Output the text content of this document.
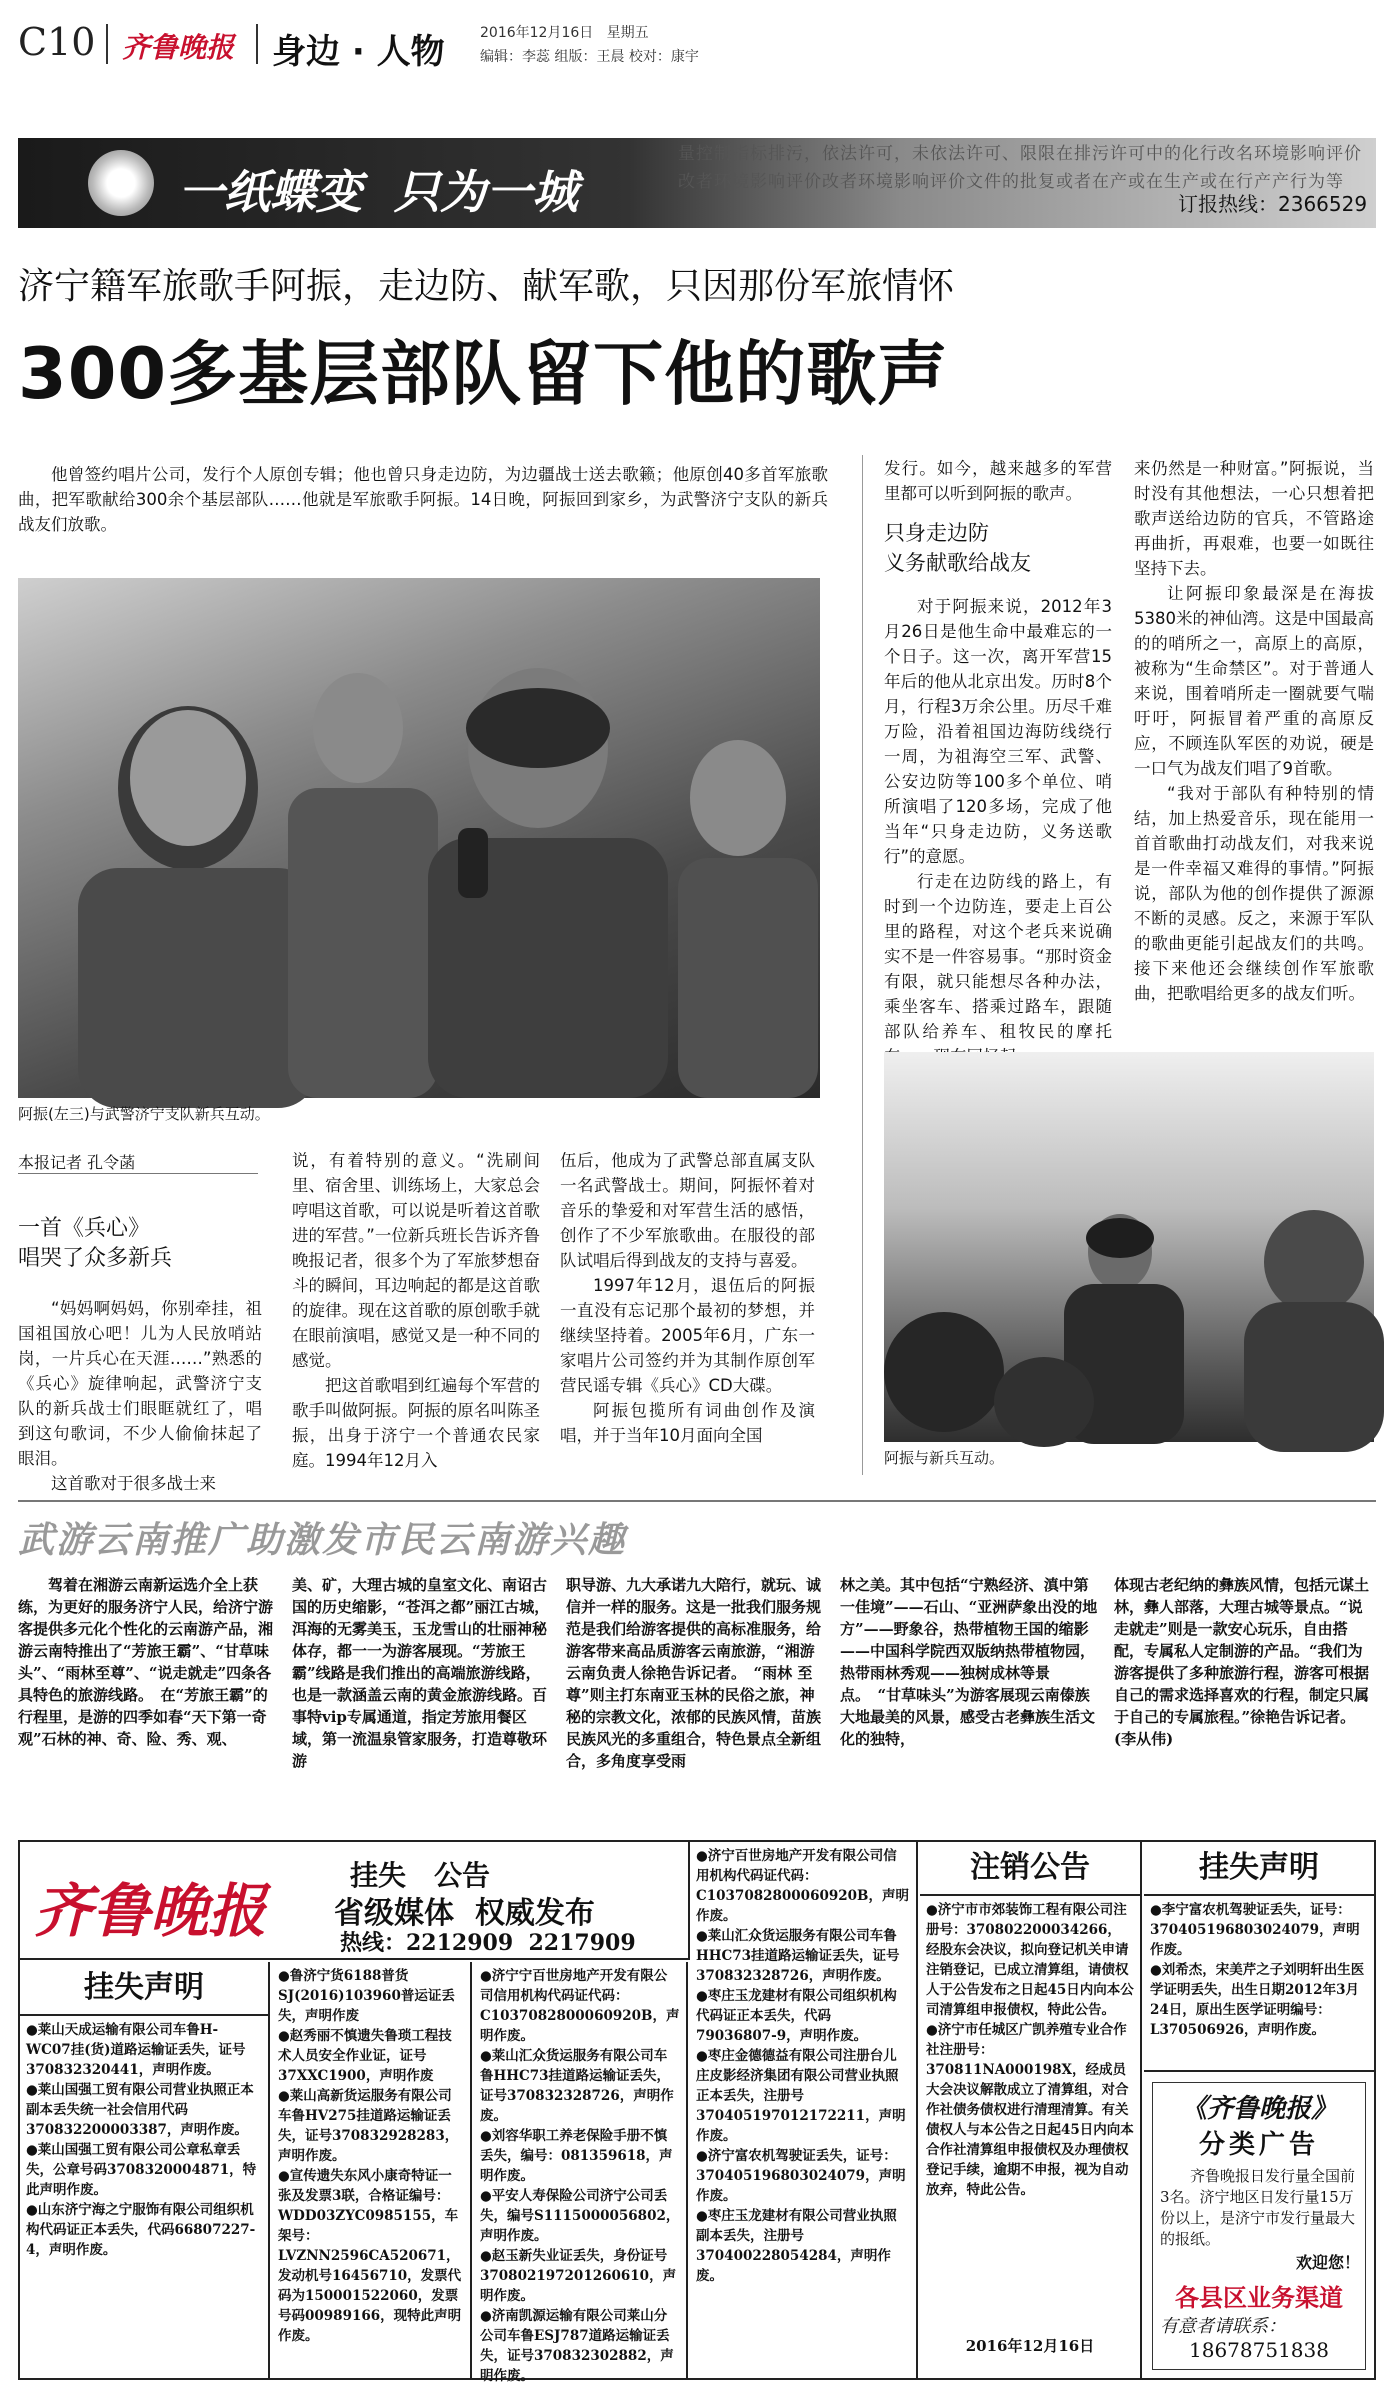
C10 齐鲁晚报 身边 · 人物	2016年12月16日 星期五
编辑：李蕊 组版：王晨 校对：康宇
量控制指标排污，依法许可，未依法许可、限限在排污许可中的化行改名环境影响评价改者环境影响评价改者环境影响评价文件的批复或者在产或在生产或在行产产行为等
一纸蝶变  只为一城	订报热线：2366529
济宁籍军旅歌手阿振，走边防、献军歌，只因那份军旅情怀
300多基层部队留下他的歌声

他曾签约唱片公司，发行个人原创专辑；他也曾只身走边防，为边疆战士送去歌籁；他原创40多首军旅歌曲，把军歌献给300余个基层部队……他就是军旅歌手阿振。14日晚，阿振回到家乡，为武警济宁支队的新兵战友们放歌。

阿振(左三)与武警济宁支队新兵互动。
本报记者 孔令菡
一首《兵心》
唱哭了众多新兵

“妈妈啊妈妈，你别牵挂，祖国祖国放心吧！儿为人民放哨站岗，一片兵心在天涯……”熟悉的《兵心》旋律响起，武警济宁支队的新兵战士们眼眶就红了，唱到这句歌词，不少人偷偷抹起了眼泪。

这首歌对于很多战士来

说，有着特别的意义。“洗刷间里、宿舍里、训练场上，大家总会哼唱这首歌，可以说是听着这首歌进的军营。”一位新兵班长告诉齐鲁晚报记者，很多个为了军旅梦想奋斗的瞬间，耳边响起的都是这首歌的旋律。现在这首歌的原创歌手就在眼前演唱，感觉又是一种不同的感觉。

把这首歌唱到红遍每个军营的歌手叫做阿振。阿振的原名叫陈圣振，出身于济宁一个普通农民家庭。1994年12月入

伍后，他成为了武警总部直属支队一名武警战士。期间，阿振怀着对音乐的挚爱和对军营生活的感悟，创作了不少军旅歌曲。在服役的部队试唱后得到战友的支持与喜爱。

1997年12月，退伍后的阿振一直没有忘记那个最初的梦想，并继续坚持着。2005年6月，广东一家唱片公司签约并为其制作原创军营民谣专辑《兵心》CD大碟。

阿振包揽所有词曲创作及演唱，并于当年10月面向全国

发行。如今，越来越多的军营里都可以听到阿振的歌声。

只身走边防
义务献歌给战友

对于阿振来说，2012年3月26日是他生命中最难忘的一个日子。这一次，离开军营15年后的他从北京出发。历时8个月，行程3万余公里。历尽千难万险，沿着祖国边海防线绕行一周，为祖海空三军、武警、公安边防等100多个单位、哨所演唱了120多场，完成了他当年“只身走边防，义务送歌行”的意愿。

行走在边防线的路上，有时到一个边防连，要走上百公里的路程，对这个老兵来说确实不是一件容易事。“那时资金有限，就只能想尽各种办法，乘坐客车、搭乘过路车，跟随部队给养车、租牧民的摩托

来仍然是一种财富。”阿振说，当时没有其他想法，一心只想着把歌声送给边防的官兵，不管路途再曲折，再艰难，也要一如既往坚持下去。

让阿振印象最深是在海拔5380米的神仙湾。这是中国最高的的哨所之一，高原上的高原，被称为“生命禁区”。对于普通人来说，围着哨所走一圈就要气喘吁吁，阿振冒着严重的高原反应，不顾连队军医的劝说，硬是一口气为战友们唱了9首歌。

“我对于部队有种特别的情结，加上热爱音乐，现在能用一首首歌曲打动战友们，对我来说是一件幸福又难得的事情。”阿振说，部队为他的创作提供了源源不断的灵感。反之，来源于军队的歌曲更能引起战友们的共鸣。接下来他还会继续创作军旅歌曲，把歌唱给更多的战友们听。

阿振与新兵互动。
武游云南推广助激发市民云南游兴趣
驾着在湘游云南新运选介全上获练，为更好的服务济宁人民，给济宁游客提供多元化个性化的云南游产品，湘游云南特推出了“芳旅王霸”、“甘草味头”、“雨林至尊”、“说走就走”四条各具特色的旅游线路。　在“芳旅王霸”的行程里，是游的四季如春“天下第一奇观”石林的神、奇、险、秀、观、
美、矿，大理古城的皇室文化、南诏古国的历史缩影，“苍洱之都”丽江古城，洱海的无雾美玉，玉龙雪山的壮丽神秘体存，都一一为游客展现。“芳旅王霸”线路是我们推出的高端旅游线路，也是一款涵盖云南的黄金旅游线路。百事特vip专属通道，指定芳旅用餐区域，第一流温泉管家服务，打造尊敬环游
职导游、九大承诺九大陪行，就玩、诚信并一样的服务。这是一批我们服务规范是我们给游客提供的高标准服务，给游客带来高品质游客云南旅游，“湘游云南负责人徐艳告诉记者。　“雨林 至尊”则主打东南亚玉林的民俗之旅，神秘的宗教文化，浓郁的民族风情，苗族民族风光的多重组合，特色景点全新组合，多角度享受雨
林之美。其中包括“宁熟经济、滇中第一佳境”——石山、“亚洲萨象出没的地方”——野象谷，热带植物王国的缩影——中国科学院西双版纳热带植物园，热带雨林秀观——独树成林等景点。　“甘草味头”为游客展现云南傣族大地最美的风景，感受古老彝族生活文化的独特，
体现古老纪纳的彝族风情，包括元谋土林，彝人部落，大理古城等景点。“说走就走”则是一款安心玩乐，自由搭配，专属私人定制游的产品。“我们为游客提供了多种旅游行程，游客可根据自己的需求选择喜欢的行程，制定只属于自己的专属旅程。”徐艳告诉记者。(李从伟)
齐鲁晚报
挂失　公告
省级媒体  权威发布
热线：2212909  2217909
挂失声明
●莱山天成运输有限公司车鲁H-WC07挂(货)道路运输证丢失，证号370832320441，声明作废。
●莱山国强工贸有限公司营业执照正本副本丢失统一社会信用代码370832200003387，声明作废。
●莱山国强工贸有限公司公章私章丢失，公章号码3708320004871，特此声明作废。
●山东济宁海之宁服饰有限公司组织机构代码证正本丢失，代码66807227-4，声明作废。
●鲁济宁货6188普货SJ(2016)103960普运证丢失，声明作废
●赵秀丽不慎遗失鲁琐工程技术人员安全作业证，证号37XXC1900，声明作废
●莱山高新货运服务有限公司车鲁HV275挂道路运输证丢失，证号370832928283，声明作废。
●宣传遗失东风小康奇特证一张及发票3联，合格证编号：WDD03ZYC0985155，车架号：LVZNN2596CA520671，发动机号16456710，发票代码为150001522060，发票号码00989166，现特此声明作废。
●济宁宁百世房地产开发有限公司信用机构代码证代码：C1037082800060920B，声明作废。
●莱山汇众货运服务有限公司车鲁HHC73挂道路运输证丢失，证号370832328726，声明作废。
●刘容华职工养老保险手册不慎丢失，编号：081359618，声明作废。
●平安人寿保险公司济宁公司丢失，编号S1115000056802，声明作废。
●赵玉新失业证丢失，身份证号370802197201260610，声明作废。
●济南凯源运输有限公司莱山分公司车鲁ESJ787道路运输证丢失，证号370832302882，声明作废。
●济宁百世房地产开发有限公司信用机构代码证代码：C1037082800060920B，声明作废。
●莱山汇众货运服务有限公司车鲁HHC73挂道路运输证丢失，证号370832328726，声明作废。
●枣庄玉龙建材有限公司组织机构代码证正本丢失，代码79036807-9，声明作废。
●枣庄金德德益有限公司注册台儿庄皮影经济集团有限公司营业执照正本丢失，注册号370405197012172211，声明作废。
●济宁富农机驾驶证丢失，证号：370405196803024079，声明作废。
●枣庄玉龙建材有限公司营业执照副本丢失，注册号370400228054284，声明作废。
注销公告
●济宁市市郊装饰工程有限公司注册号：370802200034266，经股东会决议，拟向登记机关申请注销登记，已成立清算组，请债权人于公告发布之日起45日内向本公司清算组申报债权，特此公告。
●济宁市任城区广凯养殖专业合作社注册号：370811NA000198X，经成员大会决议解散成立了清算组，对合作社债务债权进行清理清算。有关债权人与本公告之日起45日内向本合作社清算组申报债权及办理债权登记手续，逾期不申报，视为自动放弃，特此公告。
2016年12月16日
挂失声明
●李宁富农机驾驶证丢失，证号：370405196803024079，声明作废。
●刘希杰，宋美芹之子刘明轩出生医学证明丢失，出生日期2012年3月24日，原出生医学证明编号：L370506926，声明作废。
《齐鲁晚报》
分类广告
齐鲁晚报日发行量全国前3名。济宁地区日发行量15万份以上，是济宁市发行量最大的报纸。
欢迎您！
各县区业务渠道
有意者请联系：
18678751838
